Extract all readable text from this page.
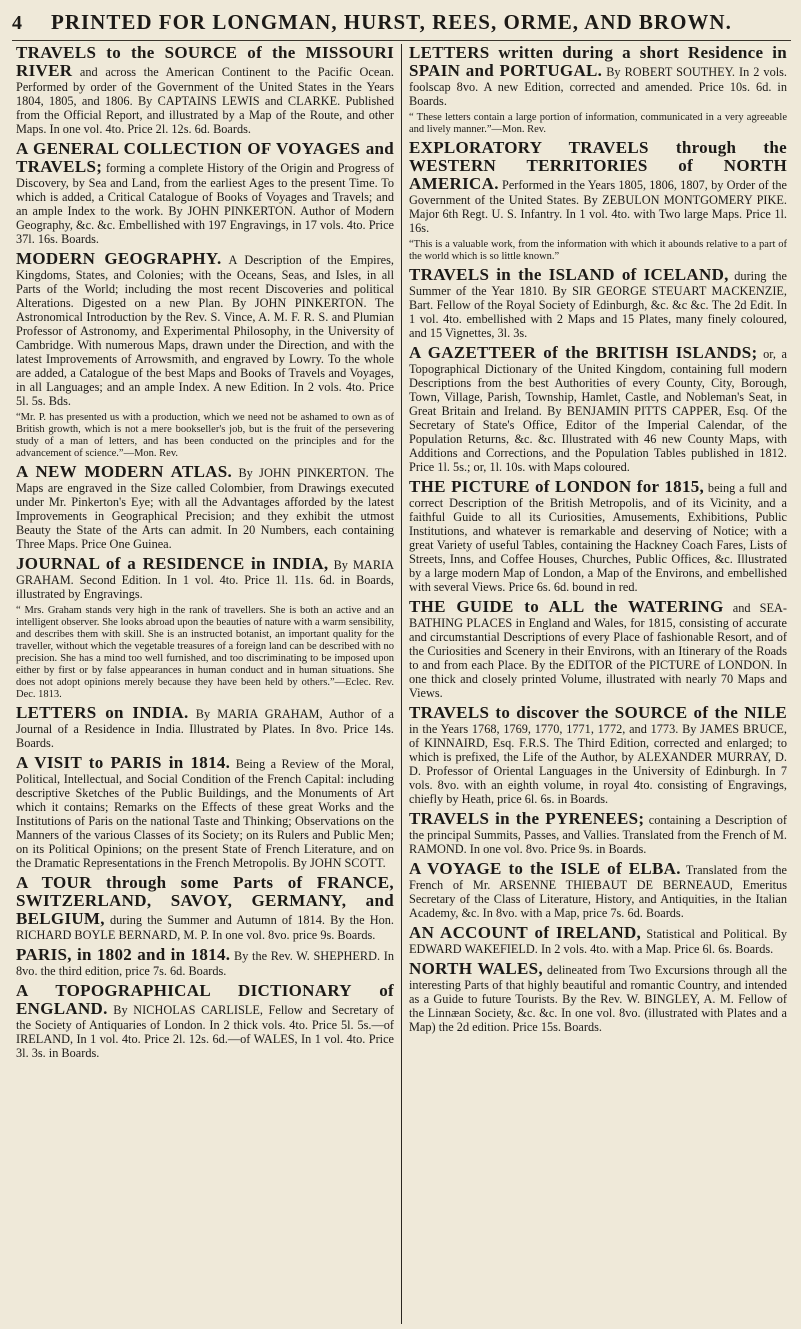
4 PRINTED FOR LONGMAN, HURST, REES, ORME, AND BROWN.
TRAVELS to the SOURCE of the MISSOURI RIVER and across the American Continent to the Pacific Ocean. Performed by order of the Government of the United States in the Years 1804, 1805, and 1806. By CAPTAINS LEWIS and CLARKE. Published from the Official Report, and illustrated by a Map of the Route, and other Maps. In one vol. 4to. Price 2l. 12s. 6d. Boards.
A GENERAL COLLECTION OF VOYAGES and TRAVELS; forming a complete History of the Origin and Progress of Discovery, by Sea and Land, from the earliest Ages to the present Time. To which is added, a Critical Catalogue of Books of Voyages and Travels; and an ample Index to the work. By JOHN PINKERTON. Author of Modern Geography, &c. &c. Embellished with 197 Engravings, in 17 vols. 4to. Price 37l. 16s. Boards.
MODERN GEOGRAPHY. A Description of the Empires, Kingdoms, States, and Colonies; with the Oceans, Seas, and Isles, in all Parts of the World; including the most recent Discoveries and political Alterations. Digested on a new Plan. By JOHN PINKERTON. The Astronomical Introduction by the Rev. S. Vince, A. M. F. R. S. and Plumian Professor of Astronomy, and Experimental Philosophy, in the University of Cambridge. With numerous Maps, drawn under the Direction, and with the latest Improvements of Arrowsmith, and engraved by Lowry. To the whole are added, a Catalogue of the best Maps and Books of Travels and Voyages, in all Languages; and an ample Index. A new Edition. In 2 vols. 4to. Price 5l. 5s. Bds.
“Mr. P. has presented us with a production, which we need not be ashamed to own as of British growth, which is not a mere bookseller's job, but is the fruit of the persevering study of a man of letters, and has been conducted on the principles and for the advancement of science.”—Mon. Rev.
A NEW MODERN ATLAS. By JOHN PINKERTON. The Maps are engraved in the Size called Colombier, from Drawings executed under Mr. Pinkerton's Eye; with all the Advantages afforded by the latest Improvements in Geographical Precision; and they exhibit the utmost Beauty the State of the Arts can admit. In 20 Numbers, each containing Three Maps. Price One Guinea.
JOURNAL of a RESIDENCE in INDIA, By MARIA GRAHAM. Second Edition. In 1 vol. 4to. Price 1l. 11s. 6d. in Boards, illustrated by Engravings.
“ Mrs. Graham stands very high in the rank of travellers. She is both an active and an intelligent observer. She looks abroad upon the beauties of nature with a warm sensibility, and describes them with skill. She is an instructed botanist, an important quality for the traveller, without which the vegetable treasures of a foreign land can be described with no precision. She has a mind too well furnished, and too discriminating to be imposed upon either by first or by false appearances in human conduct and in human situations. She does not adopt opinions merely because they have been held by others.”—Eclec. Rev. Dec. 1813.
LETTERS on INDIA. By MARIA GRAHAM, Author of a Journal of a Residence in India. Illustrated by Plates. In 8vo. Price 14s. Boards.
A VISIT to PARIS in 1814. Being a Review of the Moral, Political, Intellectual, and Social Condition of the French Capital: including descriptive Sketches of the Public Buildings, and the Monuments of Art which it contains; Remarks on the Effects of these great Works and the Institutions of Paris on the national Taste and Thinking; Observations on the Manners of the various Classes of its Society; on its Rulers and Public Men; on its Political Opinions; on the present State of French Literature, and on the Dramatic Representations in the French Metropolis. By JOHN SCOTT.
A TOUR through some Parts of FRANCE, SWITZERLAND, SAVOY, GERMANY, and BELGIUM, during the Summer and Autumn of 1814. By the Hon. RICHARD BOYLE BERNARD, M. P. In one vol. 8vo. price 9s. Boards.
PARIS, in 1802 and in 1814. By the Rev. W. SHEPHERD. In 8vo. the third edition, price 7s. 6d. Boards.
A TOPOGRAPHICAL DICTIONARY of ENGLAND. By NICHOLAS CARLISLE, Fellow and Secretary of the Society of Antiquaries of London. In 2 thick vols. 4to. Price 5l. 5s.—of IRELAND, In 1 vol. 4to. Price 2l. 12s. 6d.—of WALES, In 1 vol. 4to. Price 3l. 3s. in Boards.
LETTERS written during a short Residence in SPAIN and PORTUGAL. By ROBERT SOUTHEY. In 2 vols. foolscap 8vo. A new Edition, corrected and amended. Price 10s. 6d. in Boards.
“ These letters contain a large portion of information, communicated in a very agreeable and lively manner.”—Mon. Rev.
EXPLORATORY TRAVELS through the WESTERN TERRITORIES of NORTH AMERICA. Performed in the Years 1805, 1806, 1807, by Order of the Government of the United States. By ZEBULON MONTGOMERY PIKE. Major 6th Regt. U. S. Infantry. In 1 vol. 4to. with Two large Maps. Price 1l. 16s.
“This is a valuable work, from the information with which it abounds relative to a part of the world which is so little known.”
TRAVELS in the ISLAND of ICELAND, during the Summer of the Year 1810. By SIR GEORGE STEUART MACKENZIE, Bart. Fellow of the Royal Society of Edinburgh, &c. &c &c. The 2d Edit. In 1 vol. 4to. embellished with 2 Maps and 15 Plates, many finely coloured, and 15 Vignettes, 3l. 3s.
A GAZETTEER of the BRITISH ISLANDS; or, a Topographical Dictionary of the United Kingdom, containing full modern Descriptions from the best Authorities of every County, City, Borough, Town, Village, Parish, Township, Hamlet, Castle, and Nobleman's Seat, in Great Britain and Ireland. By BENJAMIN PITTS CAPPER, Esq. Of the Secretary of State's Office, Editor of the Imperial Calendar, of the Population Returns, &c. &c. Illustrated with 46 new County Maps, with Additions and Corrections, and the Population Tables published in 1812. Price 1l. 5s.; or, 1l. 10s. with Maps coloured.
THE PICTURE of LONDON for 1815, being a full and correct Description of the British Metropolis, and of its Vicinity, and a faithful Guide to all its Curiosities, Amusements, Exhibitions, Public Institutions, and whatever is remarkable and deserving of Notice; with a great Variety of useful Tables, containing the Hackney Coach Fares, Lists of Streets, Inns, and Coffee Houses, Churches, Public Offices, &c. Illustrated by a large modern Map of London, a Map of the Environs, and embellished with several Views. Price 6s. 6d. bound in red.
THE GUIDE to ALL the WATERING and SEA-BATHING PLACES in England and Wales, for 1815, consisting of accurate and circumstantial Descriptions of every Place of fashionable Resort, and of the Curiosities and Scenery in their Environs, with an Itinerary of the Roads to and from each Place. By the EDITOR of the PICTURE of LONDON. In one thick and closely printed Volume, illustrated with nearly 70 Maps and Views.
TRAVELS to discover the SOURCE of the NILE in the Years 1768, 1769, 1770, 1771, 1772, and 1773. By JAMES BRUCE, of KINNAIRD, Esq. F.R.S. The Third Edition, corrected and enlarged; to which is prefixed, the Life of the Author, by ALEXANDER MURRAY, D. D. Professor of Oriental Languages in the University of Edinburgh. In 7 vols. 8vo. with an eighth volume, in royal 4to. consisting of Engravings, chiefly by Heath, price 6l. 6s. in Boards.
TRAVELS in the PYRENEES; containing a Description of the principal Summits, Passes, and Vallies. Translated from the French of M. RAMOND. In one vol. 8vo. Price 9s. in Boards.
A VOYAGE to the ISLE of ELBA. Translated from the French of Mr. ARSENNE THIEBAUT DE BERNEAUD, Emeritus Secretary of the Class of Literature, History, and Antiquities, in the Italian Academy, &c. In 8vo. with a Map, price 7s. 6d. Boards.
AN ACCOUNT of IRELAND, Statistical and Political. By EDWARD WAKEFIELD. In 2 vols. 4to. with a Map. Price 6l. 6s. Boards.
NORTH WALES, delineated from Two Excursions through all the interesting Parts of that highly beautiful and romantic Country, and intended as a Guide to future Tourists. By the Rev. W. BINGLEY, A. M. Fellow of the Linnæan Society, &c. &c. In one vol. 8vo. (illustrated with Plates and a Map) the 2d edition. Price 15s. Boards.
